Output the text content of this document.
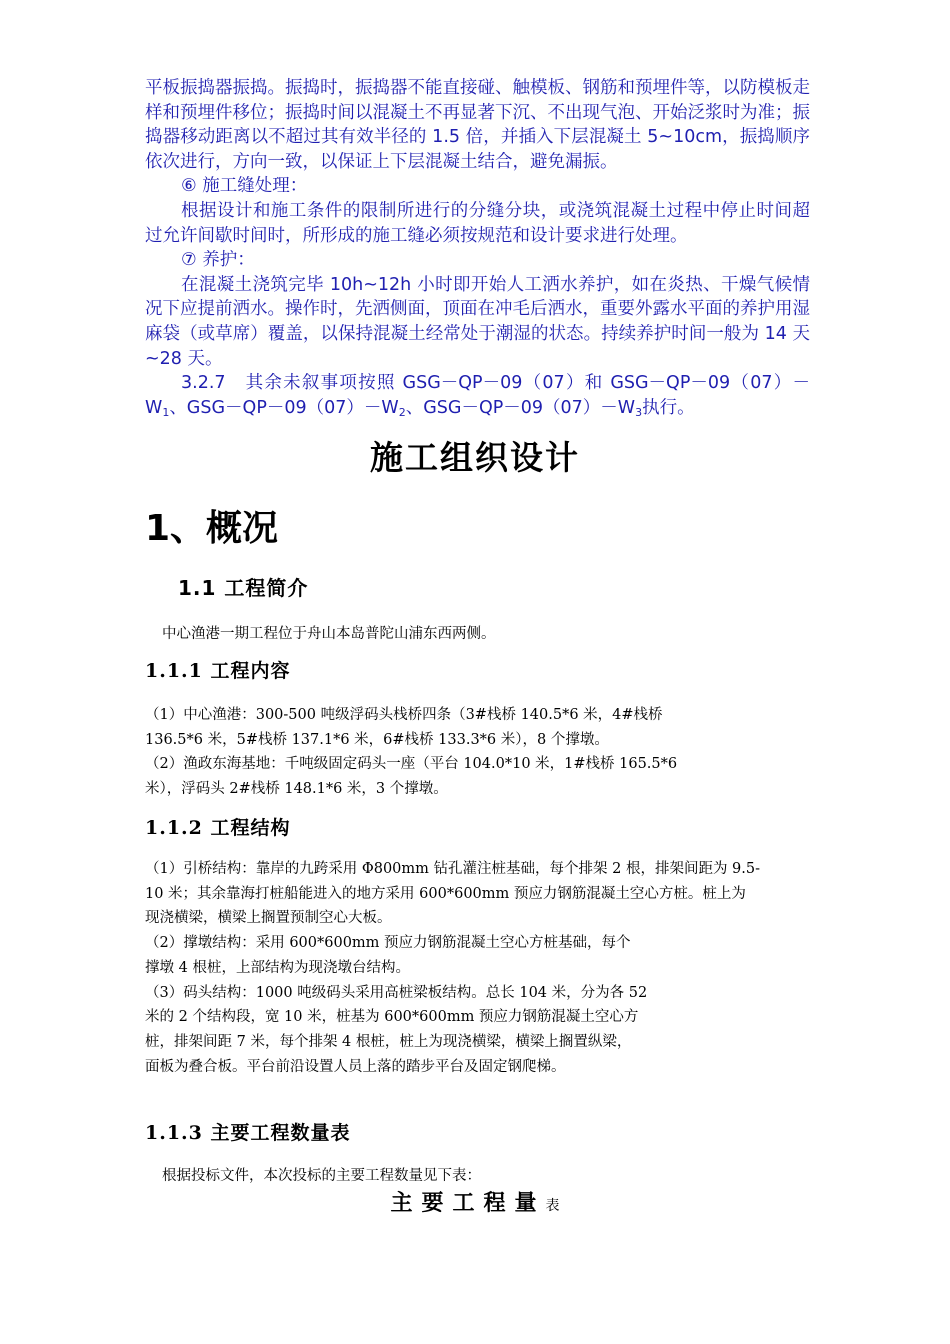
平板振捣器振捣。振捣时，振捣器不能直接碰、触模板、钢筋和预埋件等，以防模板走样和预埋件移位；振捣时间以混凝土不再显著下沉、不出现气泡、开始泛浆时为准；振捣器移动距离以不超过其有效半径的 1.5 倍，并插入下层混凝土 5~10cm，振捣顺序依次进行，方向一致，以保证上下层混凝土结合，避免漏振。

⑥ 施工缝处理：

根据设计和施工条件的限制所进行的分缝分块，或浇筑混凝土过程中停止时间超过允许间歇时间时，所形成的施工缝必须按规范和设计要求进行处理。

⑦ 养护：

在混凝土浇筑完毕 10h~12h 小时即开始人工洒水养护，如在炎热、干燥气候情况下应提前洒水。操作时，先洒侧面，顶面在冲毛后洒水，重要外露水平面的养护用湿麻袋（或草席）覆盖，以保持混凝土经常处于潮湿的状态。持续养护时间一般为 14 天~28 天。

3.2.7　其余未叙事项按照 GSG－QP－09（07）和 $GSG-QP-09(07)-W_1$、$GSG-QP-09(07)-W_2$、$GSG-QP-09(07)-W_3$执行。

施工组织设计
1、概况
1.1 工程简介

中心渔港一期工程位于舟山本岛普陀山浦东西两侧。

1.1.1 工程内容

（1）中心渔港：300-500 吨级浮码头栈桥四条（3#栈桥 140.5*6 米，4#栈桥

136.5*6 米，5#栈桥 137.1*6 米，6#栈桥 133.3*6 米），8 个撑墩。

（2）渔政东海基地：千吨级固定码头一座（平台 104.0*10 米，1#栈桥 165.5*6

米），浮码头 2#栈桥 148.1*6 米，3 个撑墩。

1.1.2 工程结构

（1）引桥结构：靠岸的九跨采用 Φ800mm 钻孔灌注桩基础，每个排架 2 根，排架间距为 9.5-

10 米；其余靠海打桩船能进入的地方采用 600*600mm 预应力钢筋混凝土空心方桩。桩上为

现浇横梁，横梁上搁置预制空心大板。

（2）撑墩结构：采用 600*600mm 预应力钢筋混凝土空心方桩基础，每个

撑墩 4 根桩，上部结构为现浇墩台结构。

（3）码头结构：1000 吨级码头采用高桩梁板结构。总长 104 米，分为各 52

米的 2 个结构段，宽 10 米，桩基为 600*600mm 预应力钢筋混凝土空心方

桩，排架间距 7 米，每个排架 4 根桩，桩上为现浇横梁，横梁上搁置纵梁，

面板为叠合板。平台前沿设置人员上落的踏步平台及固定钢爬梯。

1.1.3 主要工程数量表

根据投标文件，本次投标的主要工程数量见下表：

主要工程量表
